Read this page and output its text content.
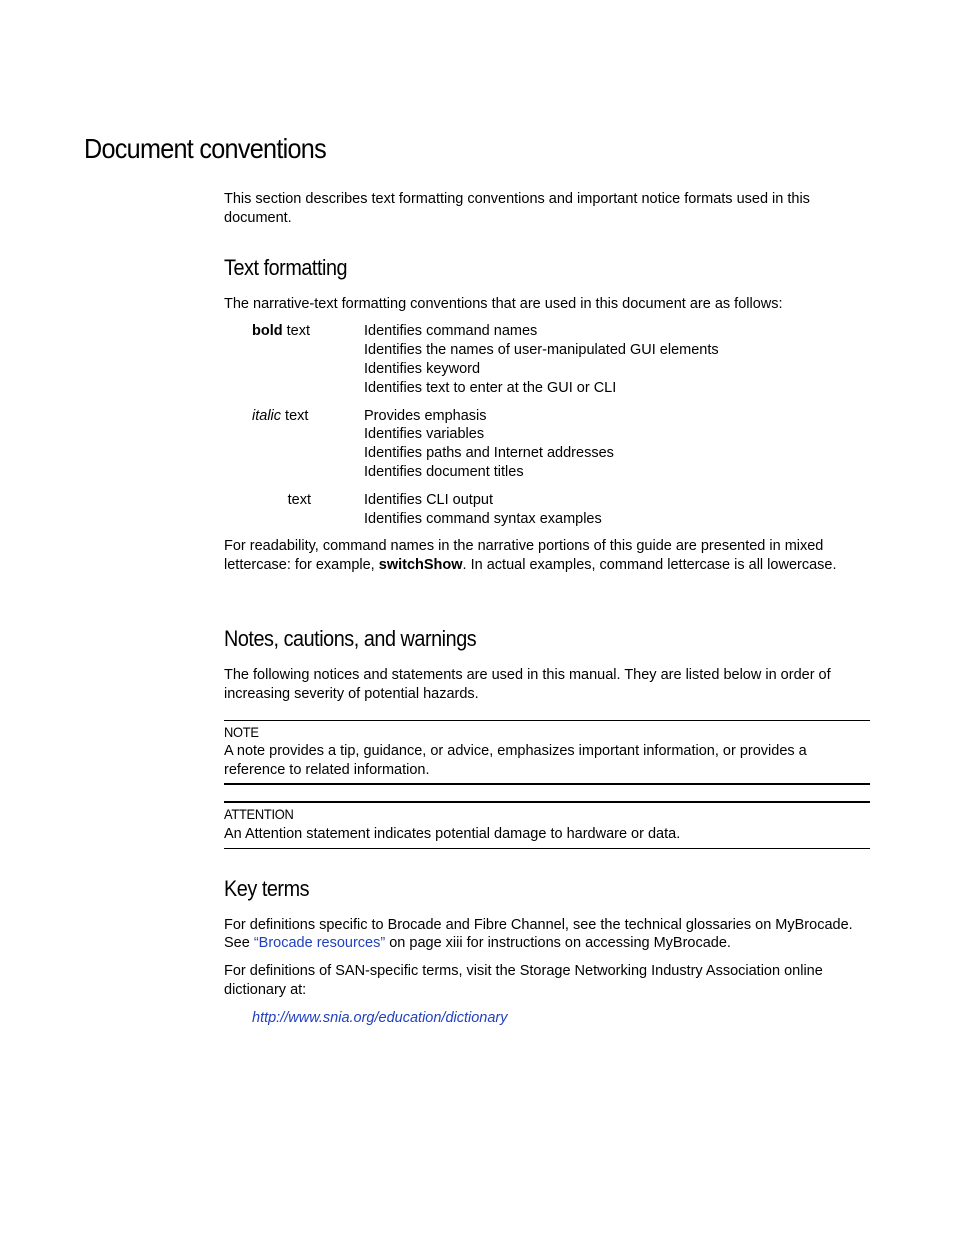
Document conventions

This section describes text formatting conventions and important notice formats used in this document.

Text formatting

The narrative-text formatting conventions that are used in this document are as follows:

bold text	Identifies command names
Identifies the names of user-manipulated GUI elements
Identifies keyword
Identifies text to enter at the GUI or CLI
italic text	Provides emphasis
Identifies variables
Identifies paths and Internet addresses
Identifies document titles
text	Identifies CLI output
Identifies command syntax examples

For readability, command names in the narrative portions of this guide are presented in mixed lettercase: for example, switchShow. In actual examples, command lettercase is all lowercase.

Notes, cautions, and warnings

The following notices and statements are used in this manual. They are listed below in order of increasing severity of potential hazards.

NOTE

A note provides a tip, guidance, or advice, emphasizes important information, or provides a reference to related information.

ATTENTION

An Attention statement indicates potential damage to hardware or data.

Key terms

For definitions specific to Brocade and Fibre Channel, see the technical glossaries on MyBrocade. See “Brocade resources” on page xiii for instructions on accessing MyBrocade.

For definitions of SAN-specific terms, visit the Storage Networking Industry Association online dictionary at:

http://www.snia.org/education/dictionary
